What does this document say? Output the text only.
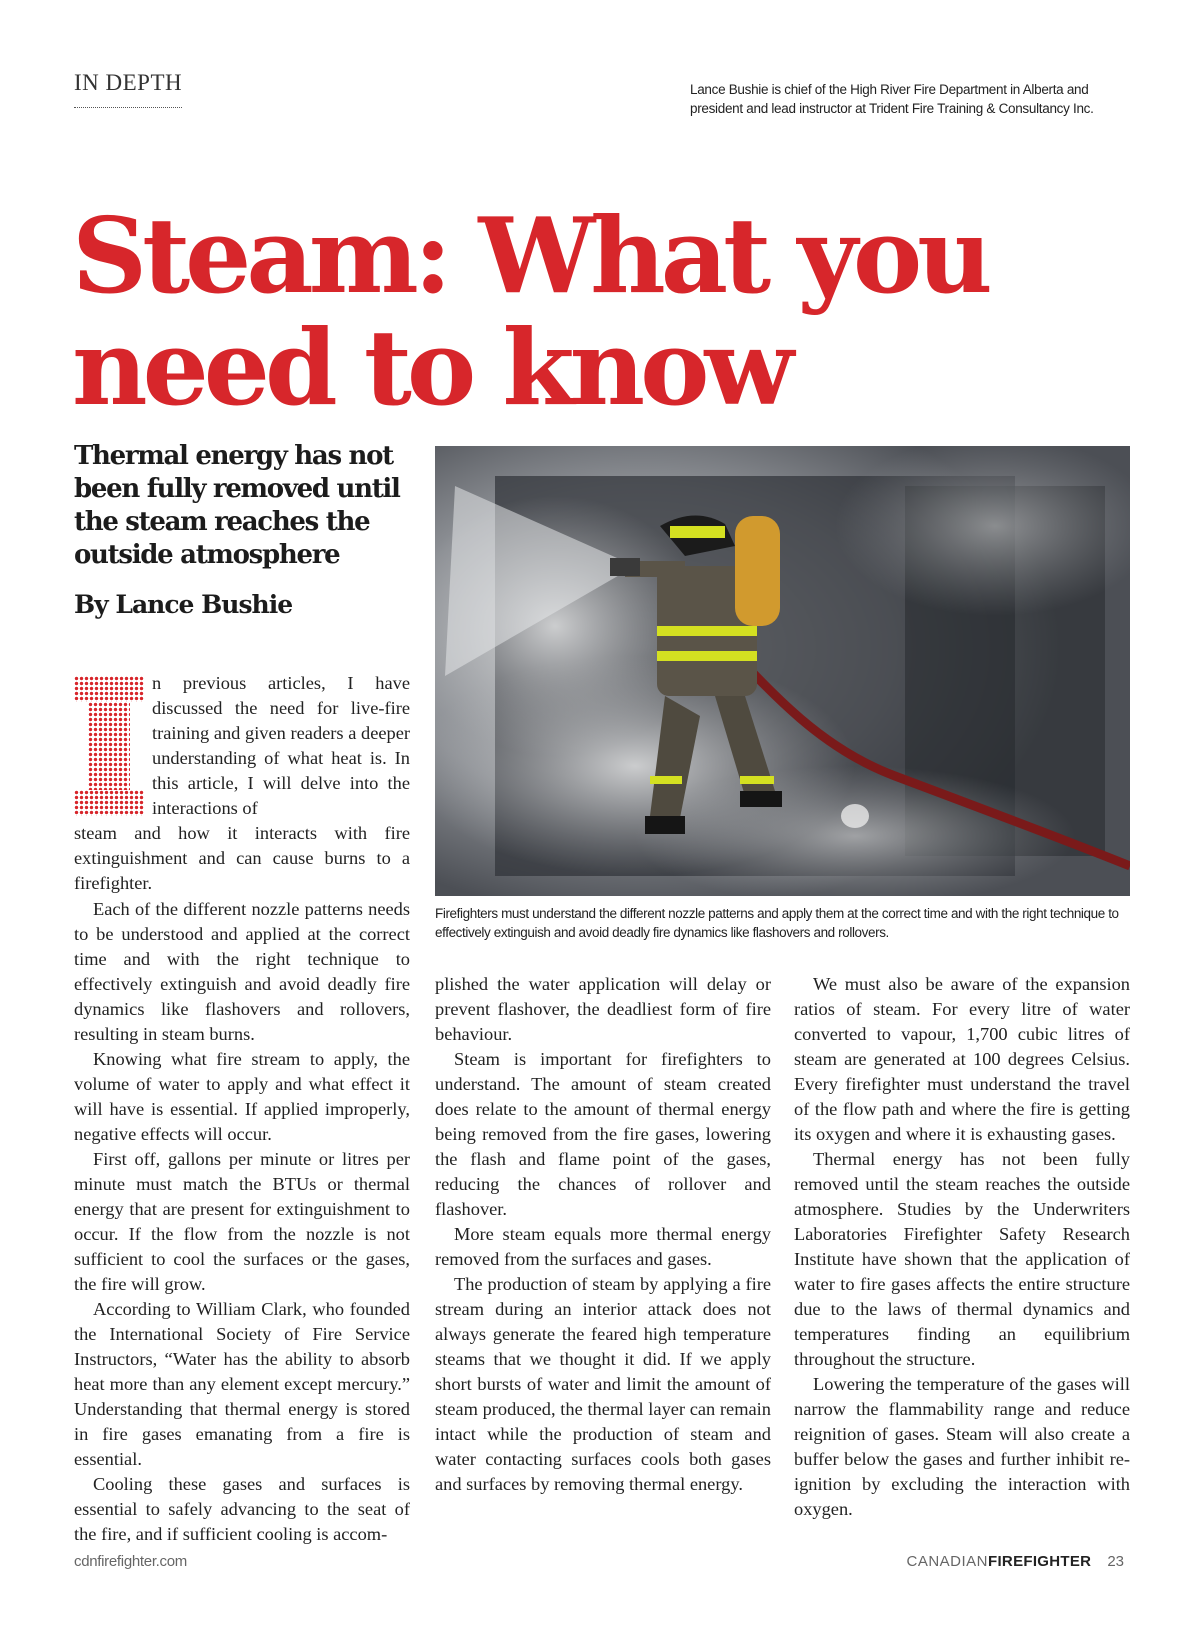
IN DEPTH	Lance Bushie is chief of the High River Fire Department in Alberta and president and lead instructor at Trident Fire Training & Consultancy Inc.
Steam: What you need to know
Thermal energy has not been fully removed until the steam reaches the outside atmosphere
By Lance Bushie
n previous articles, I have discussed the need for live-fire training and given readers a deeper understanding of what heat is. In this article, I will delve into the interactions of
steam and how it interacts with fire extinguishment and can cause burns to a firefighter.

Each of the different nozzle patterns needs to be understood and applied at the correct time and with the right technique to effectively extinguish and avoid deadly fire dynamics like flashovers and rollovers, resulting in steam burns.

Knowing what fire stream to apply, the volume of water to apply and what effect it will have is essential. If applied improperly, negative effects will occur.

First off, gallons per minute or litres per minute must match the BTUs or thermal energy that are present for extinguishment to occur. If the flow from the nozzle is not sufficient to cool the surfaces or the gases, the fire will grow.

According to William Clark, who founded the International Society of Fire Service Instructors, “Water has the ability to absorb heat more than any element except mercury.” Understanding that thermal energy is stored in fire gases emanating from a fire is essential.

Cooling these gases and surfaces is essential to safely advancing to the seat of the fire, and if sufficient cooling is accom-

Firefighters must understand the different nozzle patterns and apply them at the correct time and with the right technique to effectively extinguish and avoid deadly fire dynamics like flashovers and rollovers.

plished the water application will delay or prevent flashover, the deadliest form of fire behaviour.

Steam is important for firefighters to understand. The amount of steam created does relate to the amount of thermal energy being removed from the fire gases, lowering the flash and flame point of the gases, reducing the chances of rollover and flashover.

More steam equals more thermal energy removed from the surfaces and gases.

The production of steam by applying a fire stream during an interior attack does not always generate the feared high temperature steams that we thought it did. If we apply short bursts of water and limit the amount of steam produced, the thermal layer can remain intact while the production of steam and water contacting surfaces cools both gases and surfaces by removing thermal energy.

We must also be aware of the expansion ratios of steam. For every litre of water converted to vapour, 1,700 cubic litres of steam are generated at 100 degrees Celsius. Every firefighter must understand the travel of the flow path and where the fire is getting its oxygen and where it is exhausting gases.

Thermal energy has not been fully removed until the steam reaches the outside atmosphere. Studies by the Underwriters Laboratories Firefighter Safety Research Institute have shown that the application of water to fire gases affects the entire structure due to the laws of thermal dynamics and temperatures finding an equilibrium throughout the structure.

Lowering the temperature of the gases will narrow the flammability range and reduce reignition of gases. Steam will also create a buffer below the gases and further inhibit re-ignition by excluding the interaction with oxygen.

cdnfirefighter.com	CANADIANFIREFIGHTER 23
